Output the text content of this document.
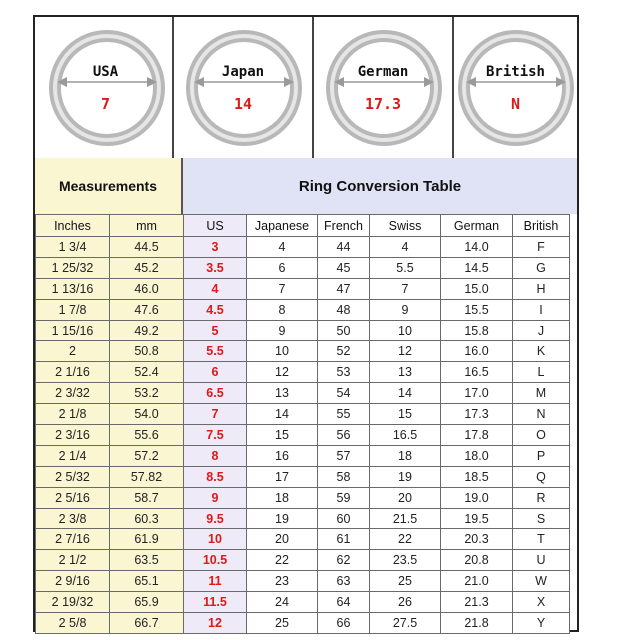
USA
7
Japan
14
German
17.3
British
N
Measurements	Ring Conversion Table
Inches	mm	US	Japanese	French	Swiss	German	British
1 3/4	44.5	3	4	44	4	14.0	F
1 25/32	45.2	3.5	6	45	5.5	14.5	G
1 13/16	46.0	4	7	47	7	15.0	H
1 7/8	47.6	4.5	8	48	9	15.5	I
1 15/16	49.2	5	9	50	10	15.8	J
2	50.8	5.5	10	52	12	16.0	K
2 1/16	52.4	6	12	53	13	16.5	L
2 3/32	53.2	6.5	13	54	14	17.0	M
2 1/8	54.0	7	14	55	15	17.3	N
2 3/16	55.6	7.5	15	56	16.5	17.8	O
2 1/4	57.2	8	16	57	18	18.0	P
2 5/32	57.82	8.5	17	58	19	18.5	Q
2 5/16	58.7	9	18	59	20	19.0	R
2 3/8	60.3	9.5	19	60	21.5	19.5	S
2 7/16	61.9	10	20	61	22	20.3	T
2 1/2	63.5	10.5	22	62	23.5	20.8	U
2 9/16	65.1	11	23	63	25	21.0	W
2 19/32	65.9	11.5	24	64	26	21.3	X
2 5/8	66.7	12	25	66	27.5	21.8	Y
